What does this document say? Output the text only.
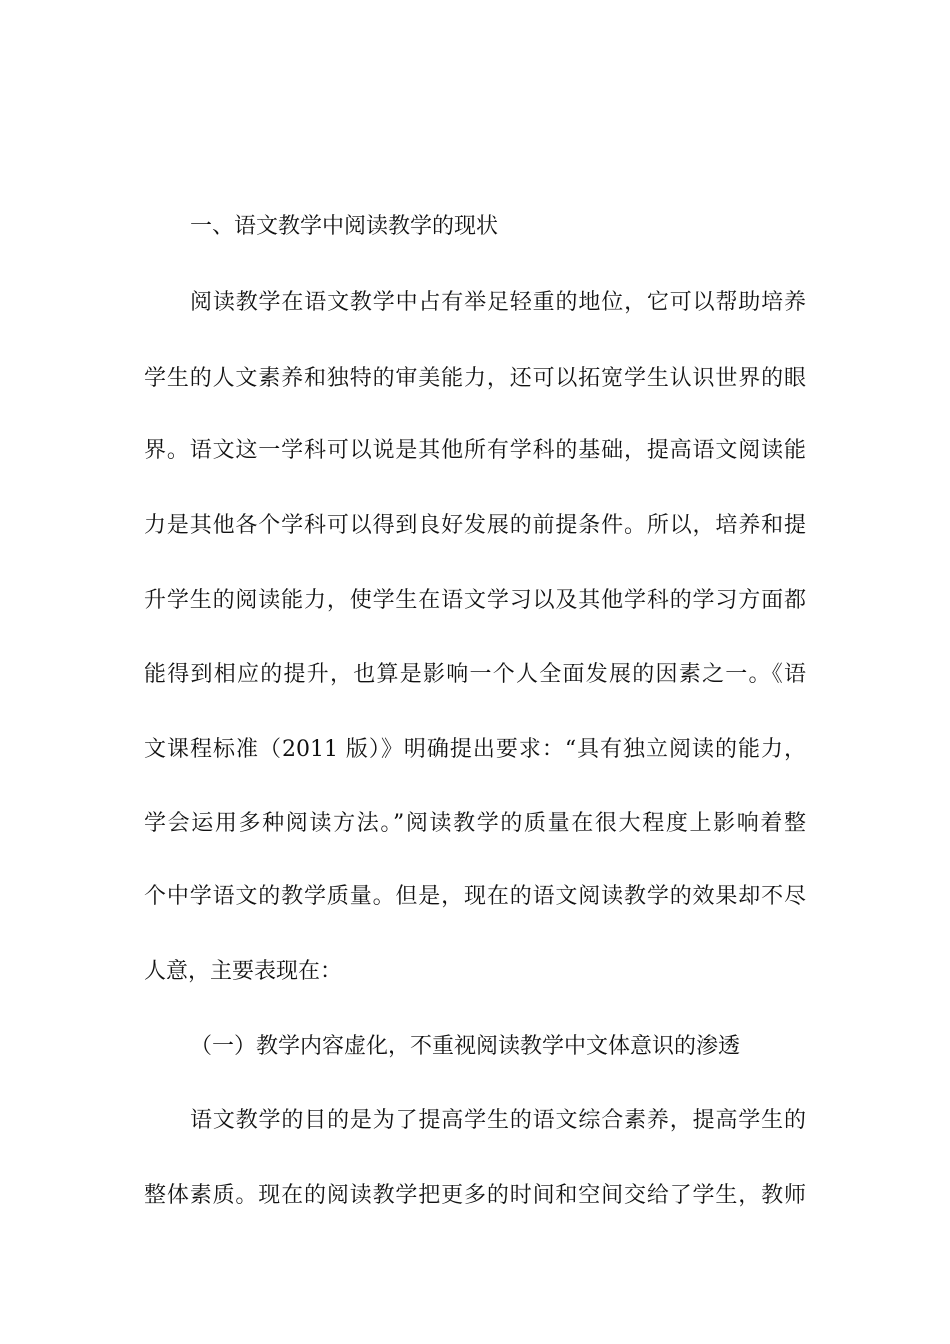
一、语文教学中阅读教学的现状
阅读教学在语文教学中占有举足轻重的地位，它可以帮助培养
学生的人文素养和独特的审美能力，还可以拓宽学生认识世界的眼
界。语文这一学科可以说是其他所有学科的基础，提高语文阅读能
力是其他各个学科可以得到良好发展的前提条件。所以，培养和提
升学生的阅读能力，使学生在语文学习以及其他学科的学习方面都
能得到相应的提升，也算是影响一个人全面发展的因素之一。《语
文课程标准（2011 版）》明确提出要求：“具有独立阅读的能力，
学会运用多种阅读方法。”阅读教学的质量在很大程度上影响着整
个中学语文的教学质量。但是，现在的语文阅读教学的效果却不尽
人意，主要表现在：
（一）教学内容虚化，不重视阅读教学中文体意识的渗透
语文教学的目的是为了提高学生的语文综合素养，提高学生的
整体素质。现在的阅读教学把更多的时间和空间交给了学生，教师
